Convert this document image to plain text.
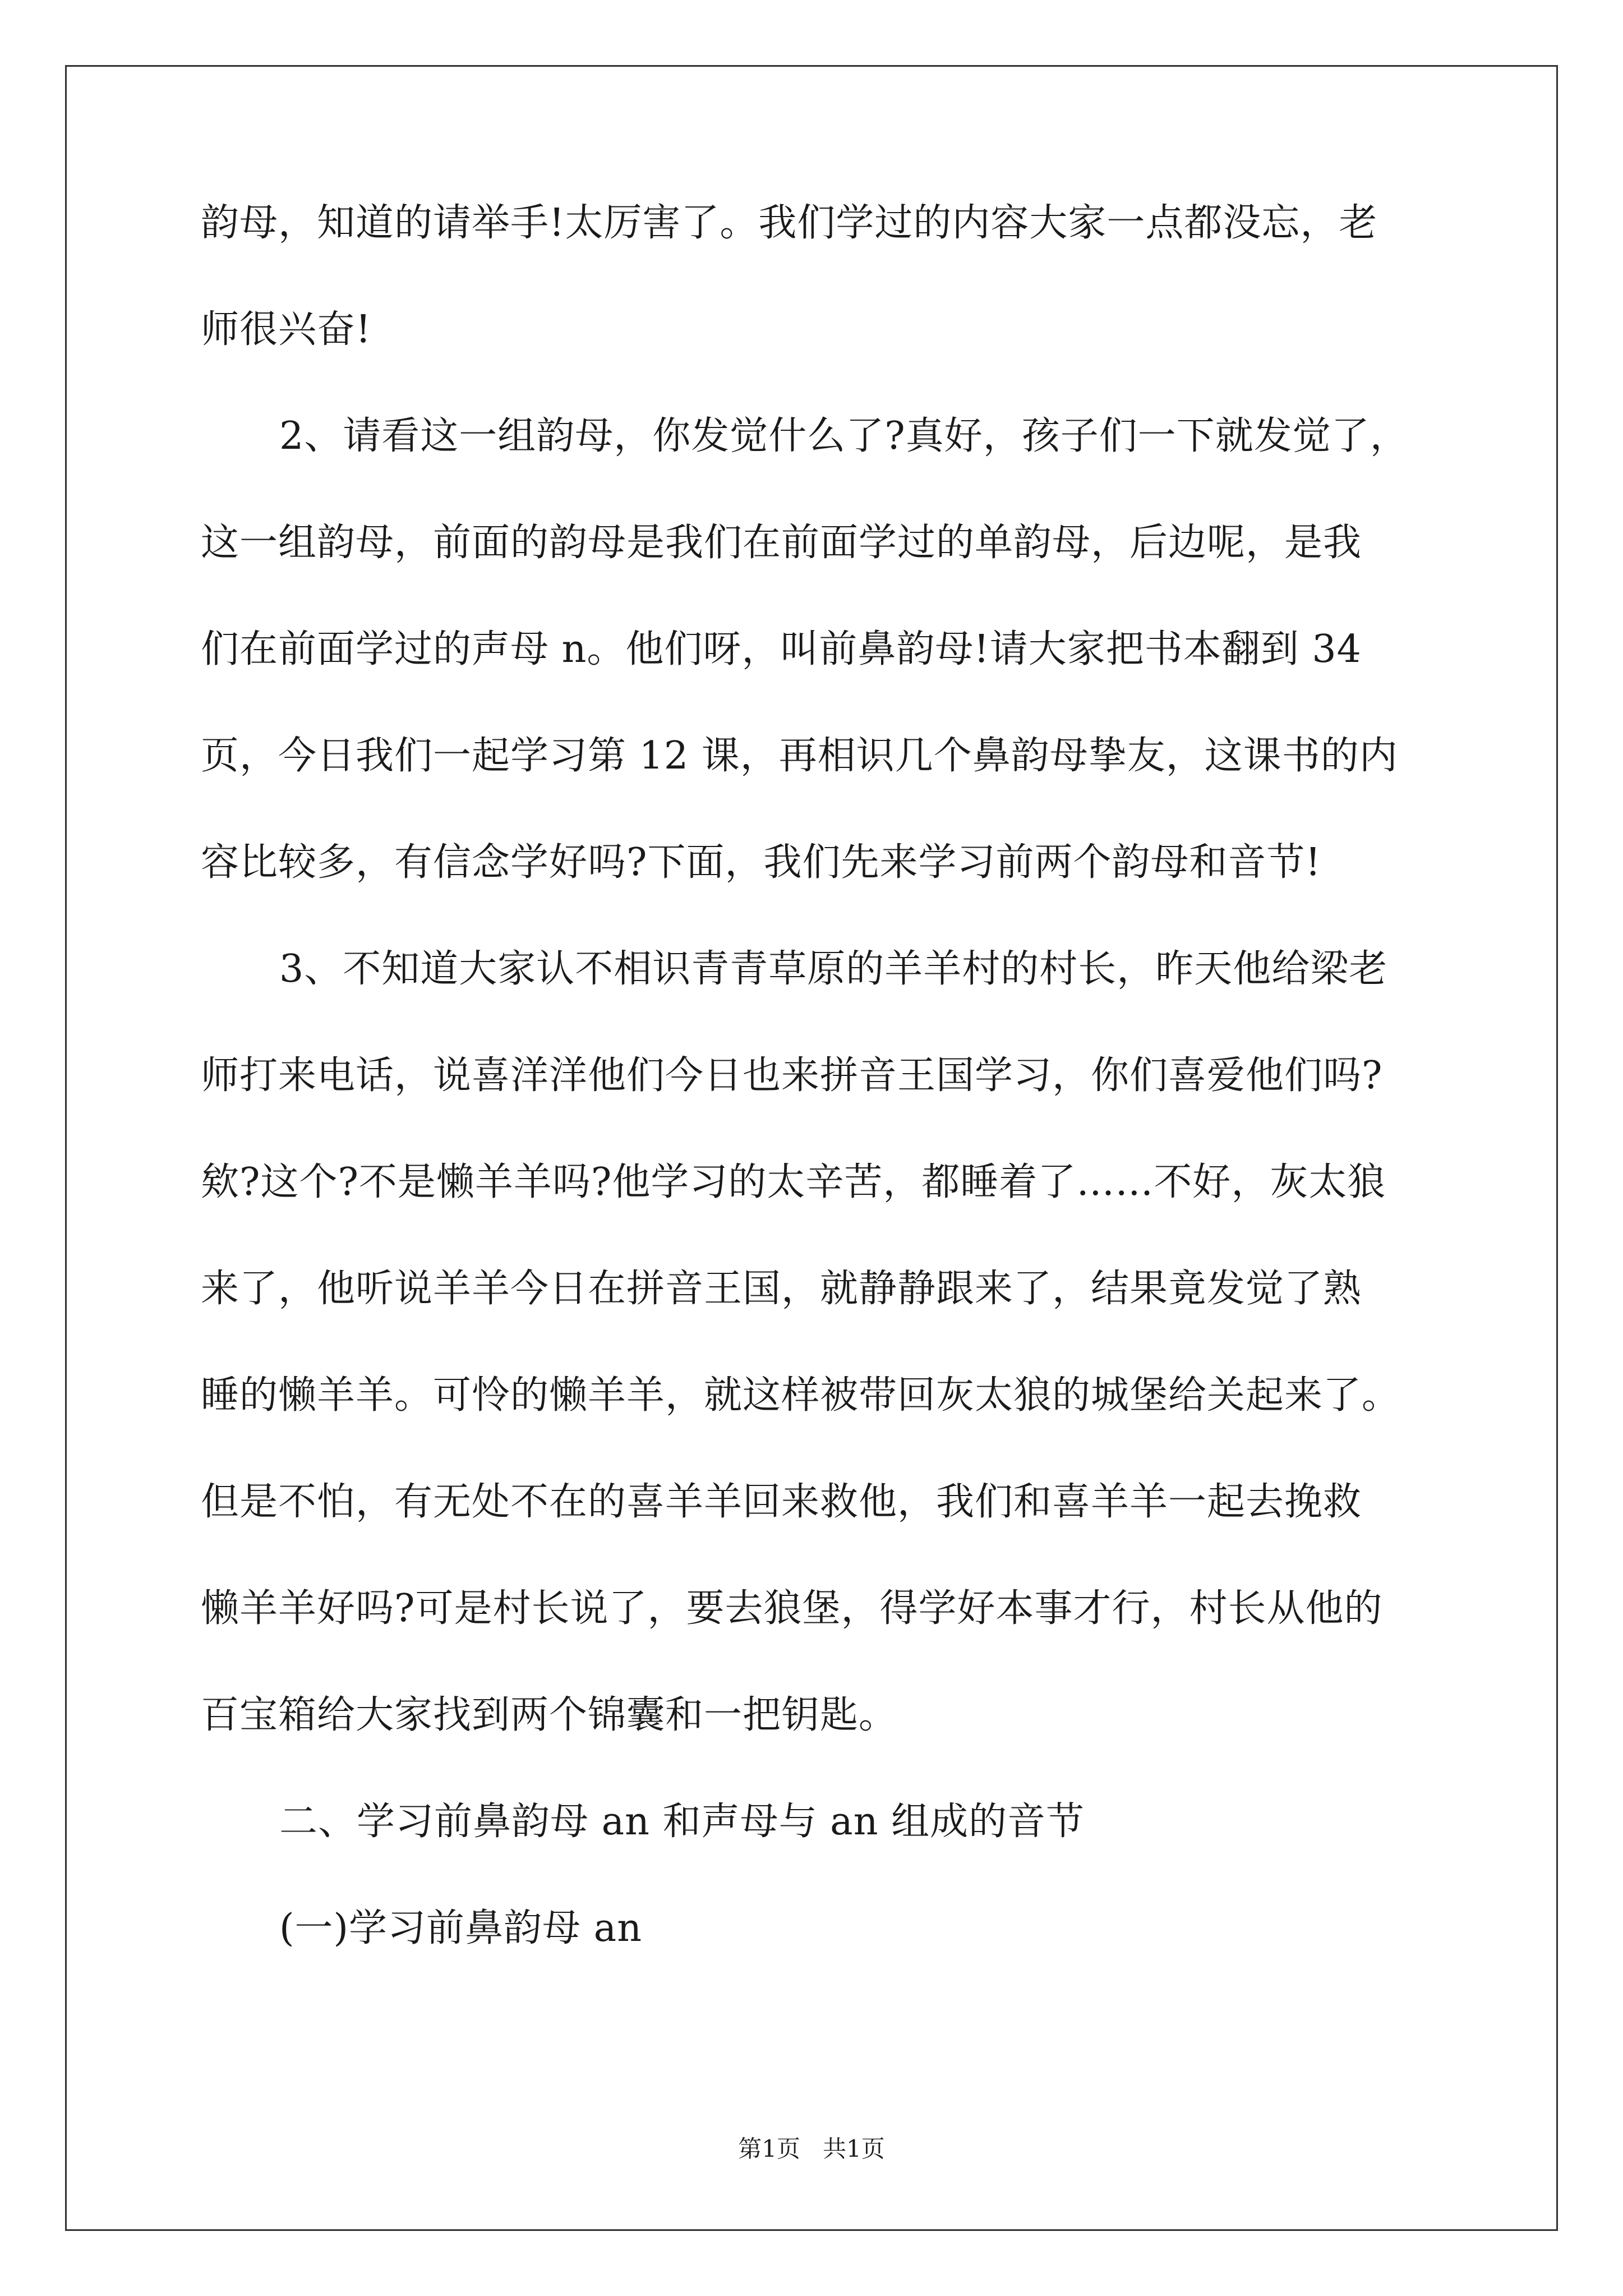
韵母，知道的请举手!太厉害了。我们学过的内容大家一点都没忘，老
师很兴奋!
2、请看这一组韵母，你发觉什么了?真好，孩子们一下就发觉了，
这一组韵母，前面的韵母是我们在前面学过的单韵母，后边呢，是我
们在前面学过的声母 n。他们呀，叫前鼻韵母!请大家把书本翻到 34
页，今日我们一起学习第 12 课，再相识几个鼻韵母挚友，这课书的内
容比较多，有信念学好吗?下面，我们先来学习前两个韵母和音节!
3、不知道大家认不相识青青草原的羊羊村的村长，昨天他给梁老
师打来电话，说喜洋洋他们今日也来拼音王国学习，你们喜爱他们吗?
欸?这个?不是懒羊羊吗?他学习的太辛苦，都睡着了……不好，灰太狼
来了，他听说羊羊今日在拼音王国，就静静跟来了，结果竟发觉了熟
睡的懒羊羊。可怜的懒羊羊，就这样被带回灰太狼的城堡给关起来了。
但是不怕，有无处不在的喜羊羊回来救他，我们和喜羊羊一起去挽救
懒羊羊好吗?可是村长说了，要去狼堡，得学好本事才行，村长从他的
百宝箱给大家找到两个锦囊和一把钥匙。
二、学习前鼻韵母 an 和声母与 an 组成的音节
(一)学习前鼻韵母 an
第1页   共1页
